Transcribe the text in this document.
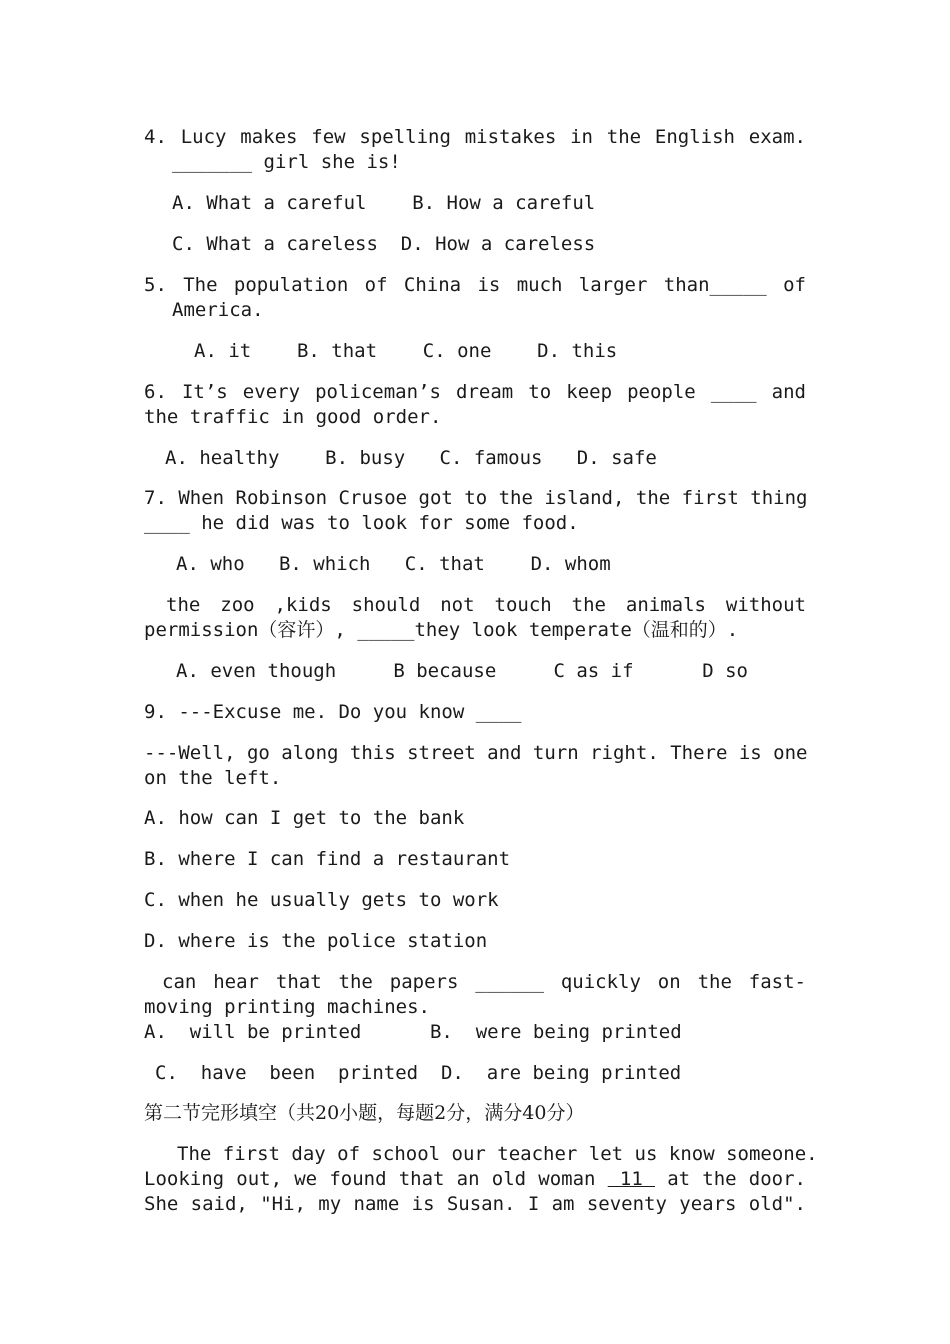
4. Lucy makes few spelling mistakes in the English exam.
_______ girl she is!
A. What a careful    B. How a careful
C. What a careless  D. How a careless
5. The population of China is much larger than_____ of
America.
A. it    B. that    C. one    D. this
6. It’s every policeman’s dream to keep people ____ and
the traffic in good order.
A. healthy    B. busy   C. famous   D. safe
7. When Robinson Crusoe got to the island, the first thing
____ he did was to look for some food.
A. who   B. which   C. that    D. whom
the zoo ,kids should not touch the animals without
permission（容许）, _____they look temperate（温和的）.
A. even though     B because     C as if      D so
9. ---Excuse me. Do you know ____
---Well, go along this street and turn right. There is one
on the left.
A. how can I get to the bank
B. where I can find a restaurant
C. when he usually gets to work
D. where is the police station
can hear that the papers ______ quickly on the fast-
moving printing machines.
A.  will be printed      B.  were being printed
C.  have  been  printed  D.  are being printed
第二节完形填空（共20小题，每题2分，满分40分）
The first day of school our teacher let us know someone.
Looking out, we found that an old woman  11  at the door.
She said, "Hi, my name is Susan. I am seventy years old".
